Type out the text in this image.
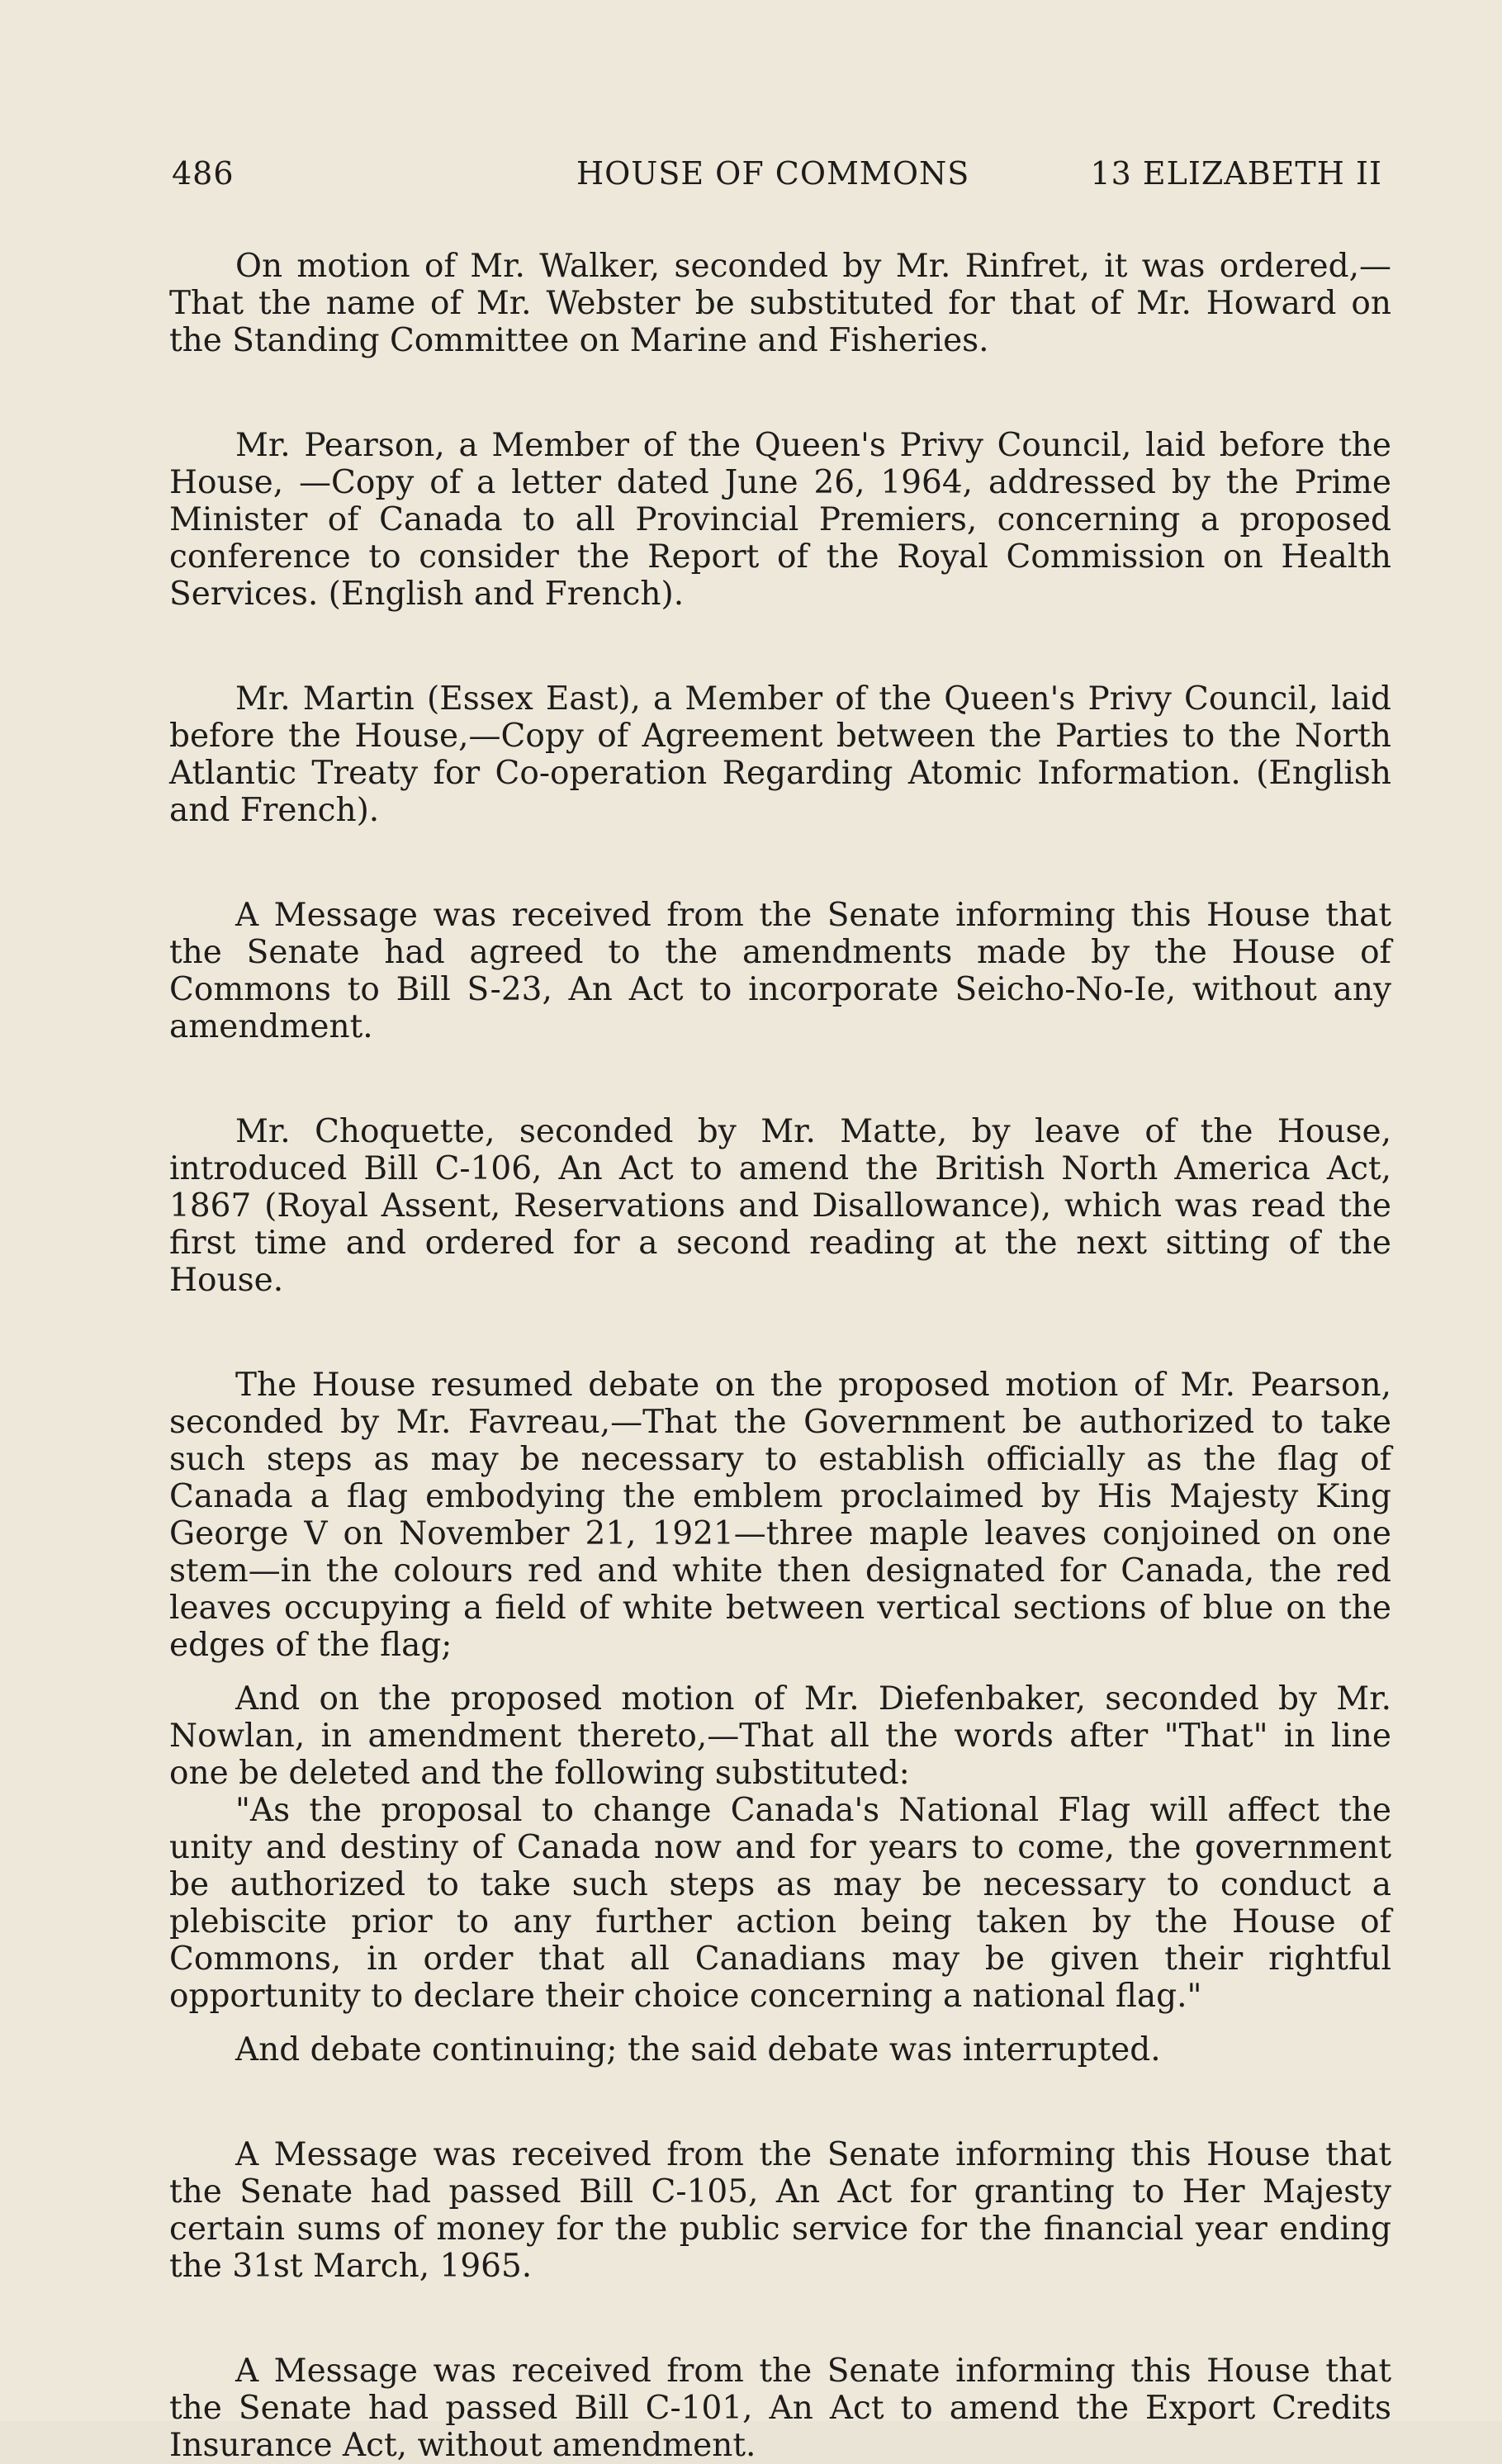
486	HOUSE OF COMMONS	13 ELIZABETH II

On motion of Mr. Walker, seconded by Mr. Rinfret, it was ordered,—That the name of Mr. Webster be substituted for that of Mr. Howard on the Standing Committee on Marine and Fisheries.

Mr. Pearson, a Member of the Queen's Privy Council, laid before the House, —Copy of a letter dated June 26, 1964, addressed by the Prime Minister of Canada to all Provincial Premiers, concerning a proposed conference to consider the Report of the Royal Commission on Health Services. (English and French).

Mr. Martin (Essex East), a Member of the Queen's Privy Council, laid before the House,—Copy of Agreement between the Parties to the North Atlantic Treaty for Co-operation Regarding Atomic Information. (English and French).

A Message was received from the Senate informing this House that the Senate had agreed to the amendments made by the House of Commons to Bill S-23, An Act to incorporate Seicho-No-Ie, without any amendment.

Mr. Choquette, seconded by Mr. Matte, by leave of the House, introduced Bill C-106, An Act to amend the British North America Act, 1867 (Royal Assent, Reservations and Disallowance), which was read the first time and ordered for a second reading at the next sitting of the House.

The House resumed debate on the proposed motion of Mr. Pearson, seconded by Mr. Favreau,—That the Government be authorized to take such steps as may be necessary to establish officially as the flag of Canada a flag embodying the emblem proclaimed by His Majesty King George V on November 21, 1921—three maple leaves conjoined on one stem—in the colours red and white then designated for Canada, the red leaves occupying a field of white between vertical sections of blue on the edges of the flag;

And on the proposed motion of Mr. Diefenbaker, seconded by Mr. Nowlan, in amendment thereto,—That all the words after "That" in line one be deleted and the following substituted:

"As the proposal to change Canada's National Flag will affect the unity and destiny of Canada now and for years to come, the government be authorized to take such steps as may be necessary to conduct a plebiscite prior to any further action being taken by the House of Commons, in order that all Canadians may be given their rightful opportunity to declare their choice concerning a national flag."

And debate continuing; the said debate was interrupted.

A Message was received from the Senate informing this House that the Senate had passed Bill C-105, An Act for granting to Her Majesty certain sums of money for the public service for the financial year ending the 31st March, 1965.

A Message was received from the Senate informing this House that the Senate had passed Bill C-101, An Act to amend the Export Credits Insurance Act, without amendment.
